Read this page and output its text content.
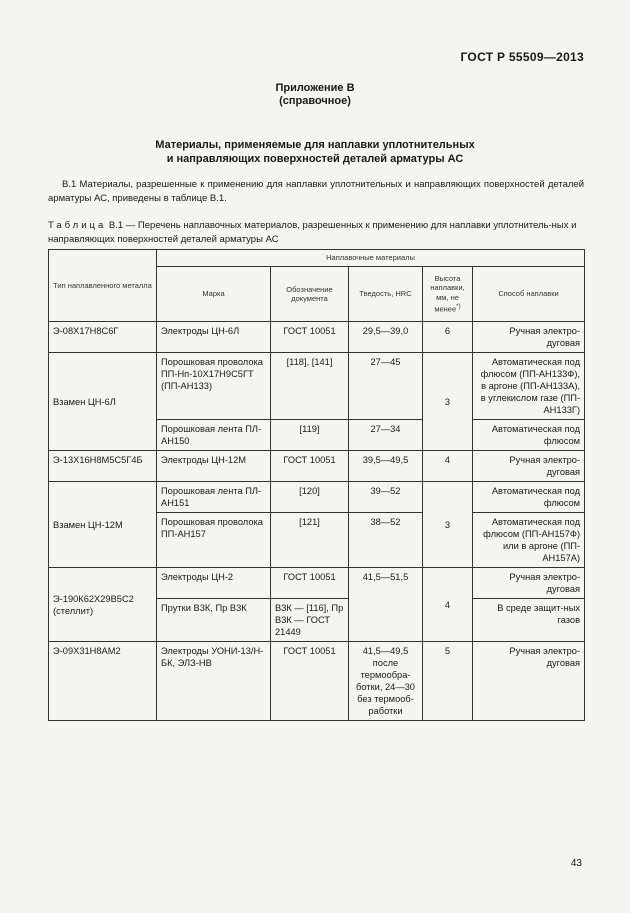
ГОСТ Р 55509—2013
Приложение В
(справочное)
Материалы, применяемые для наплавки уплотнительных
и направляющих поверхностей деталей арматуры АС
В.1 Материалы, разрешенные к применению для наплавки уплотнительных и направляющих поверхностей деталей арматуры АС, приведены в таблице В.1.
Таблица В.1 — Перечень наплавочных материалов, разрешенных к применению для наплавки уплотнитель-ных и направляющих поверхностей деталей арматуры АС
Тип наплавленного металла	Наплавочные материалы				
	Марка	Обозначение документа	Тведость, HRC	Высота наплавки, мм, не менее*)	Способ наплавки
Э-08Х17Н8С6Г	Электроды ЦН-6Л	ГОСТ 10051	29,5—39,0	6	Ручная электро-дуговая
Взамен ЦН-6Л	Порошковая проволока ПП-Нп-10Х17Н9С5ГТ (ПП-АН133)	[118], [141]	27—45	3	Автоматическая под флюсом (ПП-АН133Ф), в аргоне (ПП-АН133А), в углекислом газе (ПП-АН133Г)
	Порошковая лента ПЛ-АН150	[119]	27—34		Автоматическая под флюсом
Э-13Х16Н8М5С5Г4Б	Электроды ЦН-12М	ГОСТ 10051	39,5—49,5	4	Ручная электро-дуговая
Взамен ЦН-12М	Порошковая лента ПЛ-АН151	[120]	39—52	3	Автоматическая под флюсом
	Порошковая проволока ПП-АН157	[121]	38—52		Автоматическая под флюсом (ПП-АН157Ф) или в аргоне (ПП-АН157А)
Э-190К62Х29В5С2 (стеллит)	Электроды ЦН-2	ГОСТ 10051	41,5—51,5	4	Ручная электро-дуговая
	Прутки В3К, Пр В3К	В3К — [116], Пр В3К — ГОСТ 21449			В среде защит-ных газов
Э-09Х31Н8АМ2	Электроды УОНИ-13/Н-БК, ЭЛЗ-НВ	ГОСТ 10051	41,5—49,5 после термообра-ботки, 24—30 без термооб-работки	5	Ручная электро-дуговая
43
